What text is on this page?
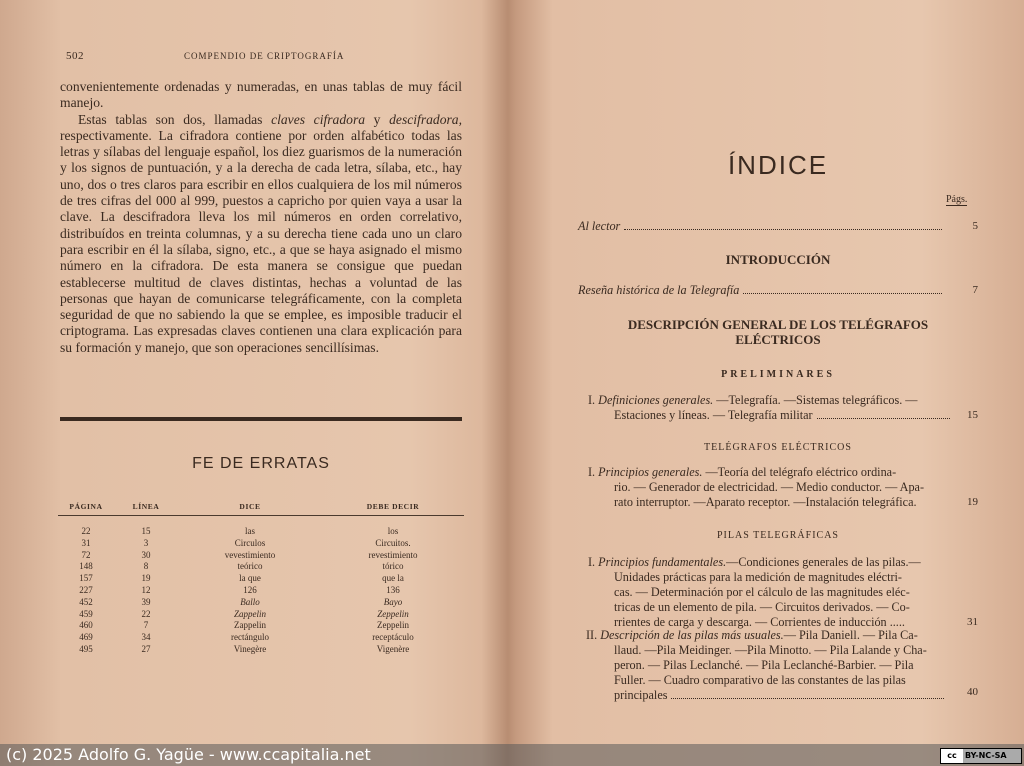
502	COMPENDIO DE CRIPTOGRAFÍA

convenientemente ordenadas y numeradas, en unas tablas de muy fácil manejo.

Estas tablas son dos, llamadas claves cifradora y descifradora, respectivamente. La cifradora contiene por orden alfabético todas las letras y sílabas del lenguaje español, los diez guarismos de la numeración y los signos de puntuación, y a la derecha de cada letra, sílaba, etc., hay uno, dos o tres claros para escribir en ellos cualquiera de los mil números de tres cifras del 000 al 999, puestos a capricho por quien vaya a usar la clave. La descifradora lleva los mil números en orden correlativo, distribuídos en treinta columnas, y a su derecha tiene cada uno un claro para escribir en él la sílaba, signo, etc., a que se haya asignado el mismo número en la cifradora. De esta manera se consigue que puedan establecerse multitud de claves distintas, hechas a voluntad de las personas que hayan de comunicarse telegráficamente, con la completa seguridad de que no sabiendo la que se emplee, es imposible traducir el criptograma. Las expresadas claves contienen una clara explicación para su formación y manejo, que son operaciones sencillísimas.

FE DE ERRATAS
PÁGINA	LÍNEA	DICE	DEBE DECIR
22	15	las	los
31	3	Circulos	Circuitos.
72	30	vevestimiento	revestimiento
148	8	teórico	tórico
157	19	la que	que la
227	12	126	136
452	39	Ballo	Bayo
459	22	Zappelin	Zeppelin
460	7	Zappelin	Zeppelin
469	34	rectángulo	receptáculo
495	27	Vinegère	Vigenère
ÍNDICE
Págs.
Al lector	5
INTRODUCCIÓN
Reseña histórica de la Telegrafía	7
DESCRIPCIÓN GENERAL DE LOS TELÉGRAFOS
ELÉCTRICOS
PRELIMINARES

I. Definiciones generales. —Telegrafía. —Sistemas telegráficos. —

Estaciones y líneas. — Telegrafía militar	15
TELÉGRAFOS ELÉCTRICOS

I. Principios generales. —Teoría del telégrafo eléctrico ordina-

rio. — Generador de electricidad. — Medio conductor. — Apa-

rato interruptor. —Aparato receptor. —Instalación telegráfica.	19
PILAS TELEGRÁFICAS

I. Principios fundamentales.—Condiciones generales de las pilas.—

Unidades prácticas para la medición de magnitudes eléctri-

cas. — Determinación por el cálculo de las magnitudes eléc-

tricas de un elemento de pila. — Circuitos derivados. — Co-

rrientes de carga y descarga. — Corrientes de inducción .....	31

II. Descripción de las pilas más usuales.— Pila Daniell. — Pila Ca-

llaud. —Pila Meidinger. —Pila Minotto. — Pila Lalande y Cha-

peron. — Pilas Leclanché. — Pila Leclanché-Barbier. — Pila

Fuller. — Cuadro comparativo de las constantes de las pilas

principales	40
(c) 2025 Adolfo G. Yagüe - www.ccapitalia.net	cc	BY-NC-SA
